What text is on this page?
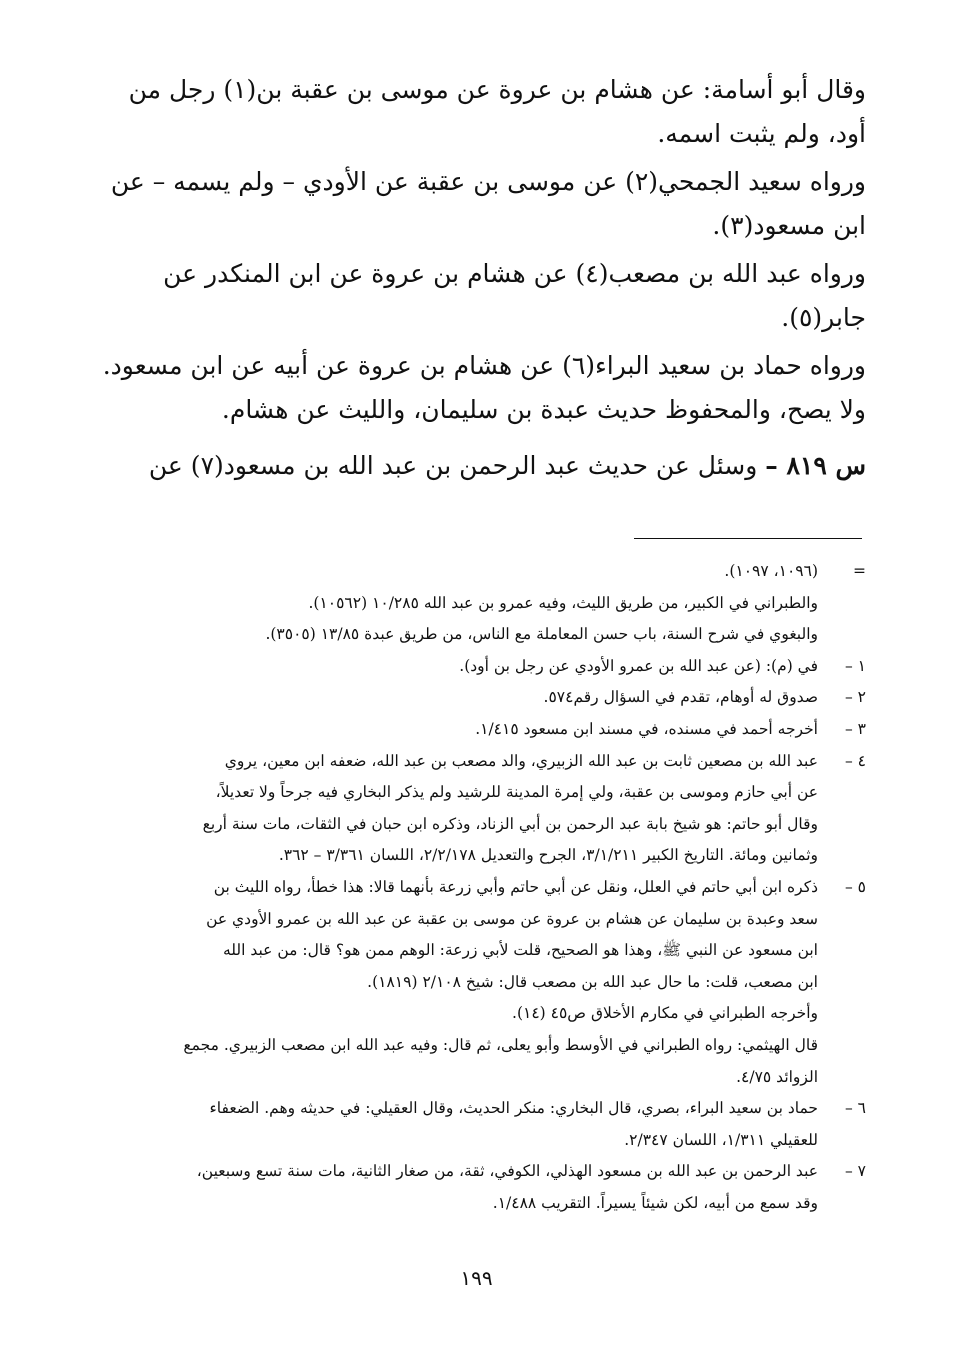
وقال أبو أسامة: عن هشام بن عروة عن موسى بن عقبة بن(١) رجل من
أود، ولم يثبت اسمه.
ورواه سعيد الجمحي(٢) عن موسى بن عقبة عن الأودي – ولم يسمه – عن
ابن مسعود(٣).
ورواه عبد الله بن مصعب(٤) عن هشام بن عروة عن ابن المنكدر عن
جابر(٥).
ورواه حماد بن سعيد البراء(٦) عن هشام بن عروة عن أبيه عن ابن مسعود.
ولا يصح، والمحفوظ حديث عبدة بن سليمان، والليث عن هشام.
س ٨١٩ – وسئل عن حديث عبد الرحمن بن عبد الله بن مسعود(٧) عن
=(١٠٩٦، ١٠٩٧).
والطبراني في الكبير، من طريق الليث، وفيه عمرو بن عبد الله ١٠/٢٨٥ (١٠٥٦٢).
والبغوي في شرح السنة، باب حسن المعاملة مع الناس، من طريق عبدة ١٣/٨٥ (٣٥٠٥).
١ –في (م): (عن عبد الله بن عمرو الأودي عن رجل بن أود).
٢ –صدوق له أوهام، تقدم في السؤال رقم٥٧٤.
٣ –أخرجه أحمد في مسنده، في مسند ابن مسعود ١/٤١٥.
٤ –عبد الله بن مصعين ثابت بن عبد الله الزبيري، والد مصعب بن عبد الله، ضعفه ابن معين، يروي
عن أبي حازم وموسى بن عقبة، ولي إمرة المدينة للرشيد ولم يذكر البخاري فيه جرحاً ولا تعديلاً،
وقال أبو حاتم: هو شيخ بابة عبد الرحمن بن أبي الزناد، وذكره ابن حبان في الثقات، مات سنة أربع
وثمانين ومائة. التاريخ الكبير ٣/١/٢١١، الجرح والتعديل ٢/٢/١٧٨، اللسان ٣/٣٦١ – ٣٦٢.
٥ –ذكره ابن أبي حاتم في العلل، ونقل عن أبي حاتم وأبي زرعة بأنهما قالا: هذا خطأ، رواه الليث بن
سعد وعبدة بن سليمان عن هشام بن عروة عن موسى بن عقبة عن عبد الله بن عمرو الأودي عن
ابن مسعود عن النبي ﷺ، وهذا هو الصحيح، قلت لأبي زرعة: الوهم ممن هو؟ قال: من عبد الله
ابن مصعب، قلت: ما حال عبد الله بن مصعب قال: شيخ ٢/١٠٨ (١٨١٩).
وأخرجه الطبراني في مكارم الأخلاق ص٤٥ (١٤).
قال الهيثمي: رواه الطبراني في الأوسط وأبو يعلى، ثم قال: وفيه عبد الله ابن مصعب الزبيري. مجمع
الزوائد ٤/٧٥.
٦ –حماد بن سعيد البراء، بصري، قال البخاري: منكر الحديث، وقال العقيلي: في حديثه وهم. الضعفاء
للعقيلي ١/٣١١، اللسان ٢/٣٤٧.
٧ –عبد الرحمن بن عبد الله بن مسعود الهذلي، الكوفي، ثقة، من صغار الثانية، مات سنة تسع وسبعين،
وقد سمع من أبيه، لكن شيئاً يسيراً. التقريب ١/٤٨٨.
١٩٩
